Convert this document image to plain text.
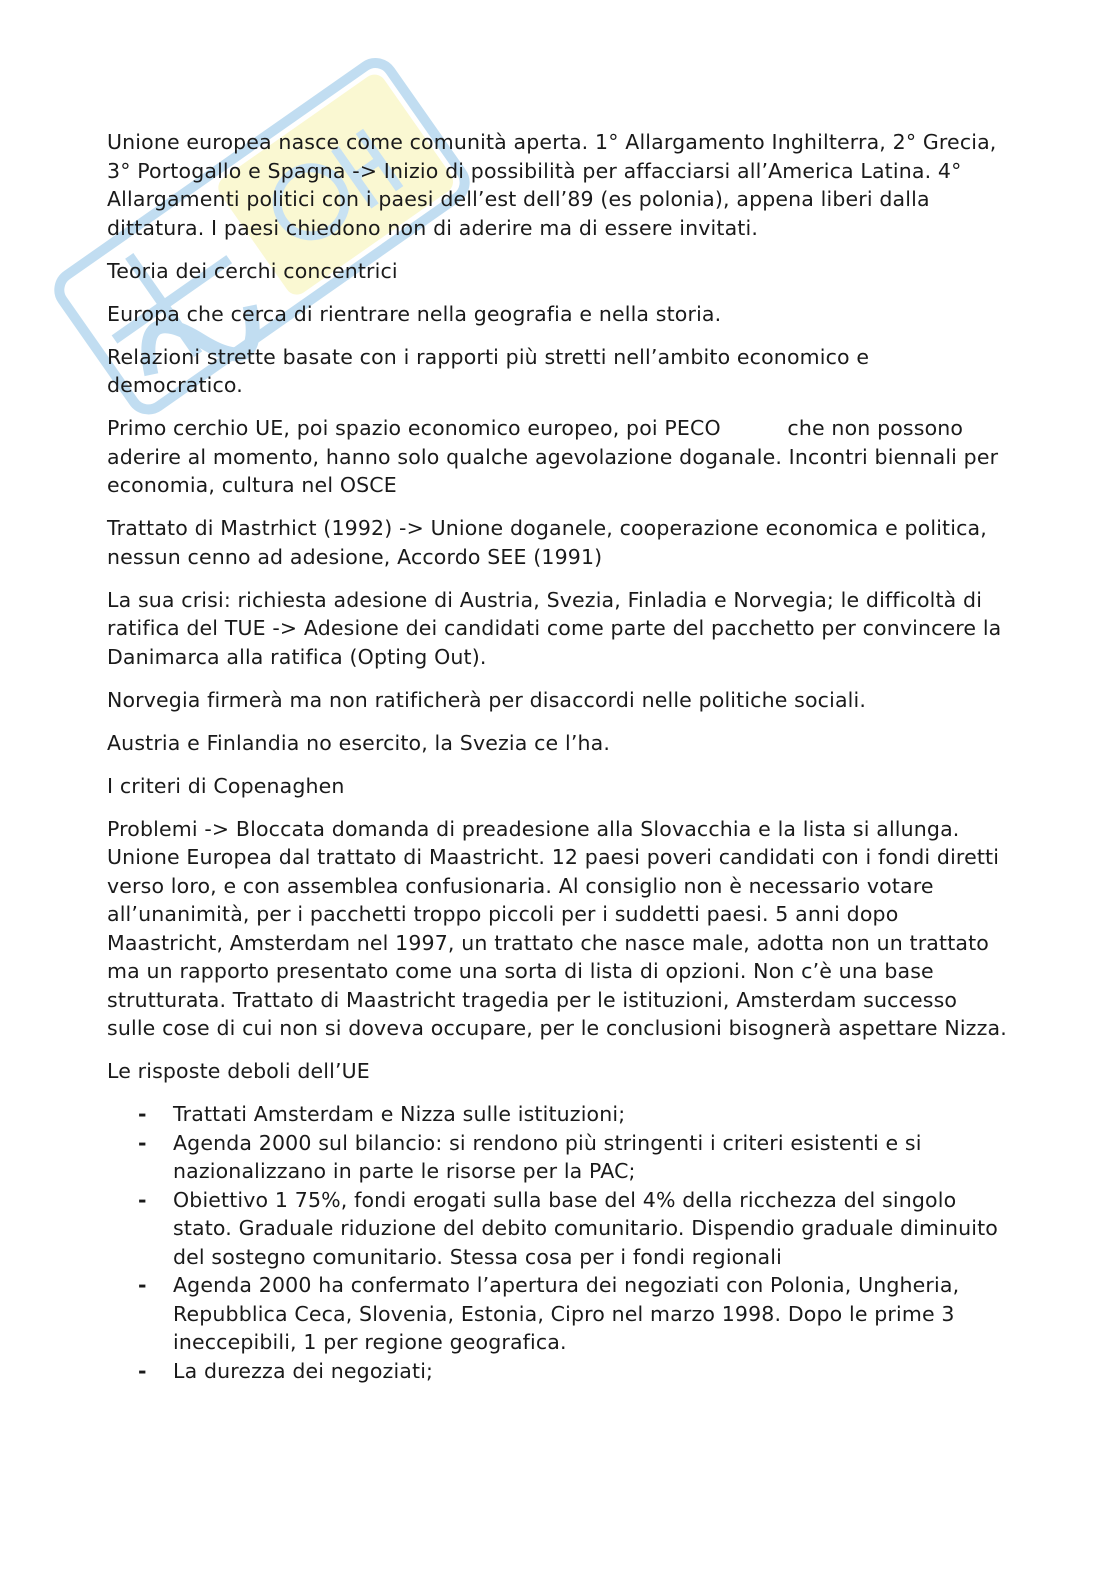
Unione europea nasce come comunità aperta. 1° Allargamento Inghilterra, 2° Grecia, 3° Portogallo e Spagna -> Inizio di possibilità per affacciarsi all’America Latina. 4° Allargamenti politici con i paesi dell’est dell’89 (es polonia), appena liberi dalla dittatura. I paesi chiedono non di aderire ma di essere invitati.

Teoria dei cerchi concentrici

Europa che cerca di rientrare nella geografia e nella storia.

Relazioni strette basate con i rapporti più stretti nell’ambito economico e democratico.

Primo cerchio UE, poi spazio economico europeo, poi PECO          che non possono aderire al momento, hanno solo qualche agevolazione doganale. Incontri biennali per economia, cultura nel OSCE

Trattato di Mastrhict (1992) -> Unione doganele, cooperazione economica e politica, nessun cenno ad adesione, Accordo SEE (1991)

La sua crisi: richiesta adesione di Austria, Svezia, Finladia e Norvegia; le difficoltà di ratifica del TUE -> Adesione dei candidati come parte del pacchetto per convincere la Danimarca alla ratifica (Opting Out).

Norvegia firmerà ma non ratificherà per disaccordi nelle politiche sociali.

Austria e Finlandia no esercito, la Svezia ce l’ha.

I criteri di Copenaghen

Problemi -> Bloccata domanda di preadesione alla Slovacchia e la lista si allunga. Unione Europea dal trattato di Maastricht. 12 paesi poveri candidati con i fondi diretti verso loro, e con assemblea confusionaria. Al consiglio non è necessario votare all’unanimità, per i pacchetti troppo piccoli per i suddetti paesi. 5 anni dopo Maastricht, Amsterdam nel 1997, un trattato che nasce male, adotta non un trattato ma un rapporto presentato come una sorta di lista di opzioni. Non c’è una base strutturata. Trattato di Maastricht tragedia per le istituzioni, Amsterdam successo sulle cose di cui non si doveva occupare, per le conclusioni bisognerà aspettare Nizza.

Le risposte deboli dell’UE

- Trattati Amsterdam e Nizza sulle istituzioni;
- Agenda 2000 sul bilancio: si rendono più stringenti i criteri esistenti e si nazionalizzano in parte le risorse per la PAC;
- Obiettivo 1 75%, fondi erogati sulla base del 4% della ricchezza del singolo stato. Graduale riduzione del debito comunitario. Dispendio graduale diminuito del sostegno comunitario. Stessa cosa per i fondi regionali
- Agenda 2000 ha confermato l’apertura dei negoziati con Polonia, Ungheria, Repubblica Ceca, Slovenia, Estonia, Cipro nel marzo 1998. Dopo le prime 3 ineccepibili, 1 per regione geografica.
- La durezza dei negoziati;
